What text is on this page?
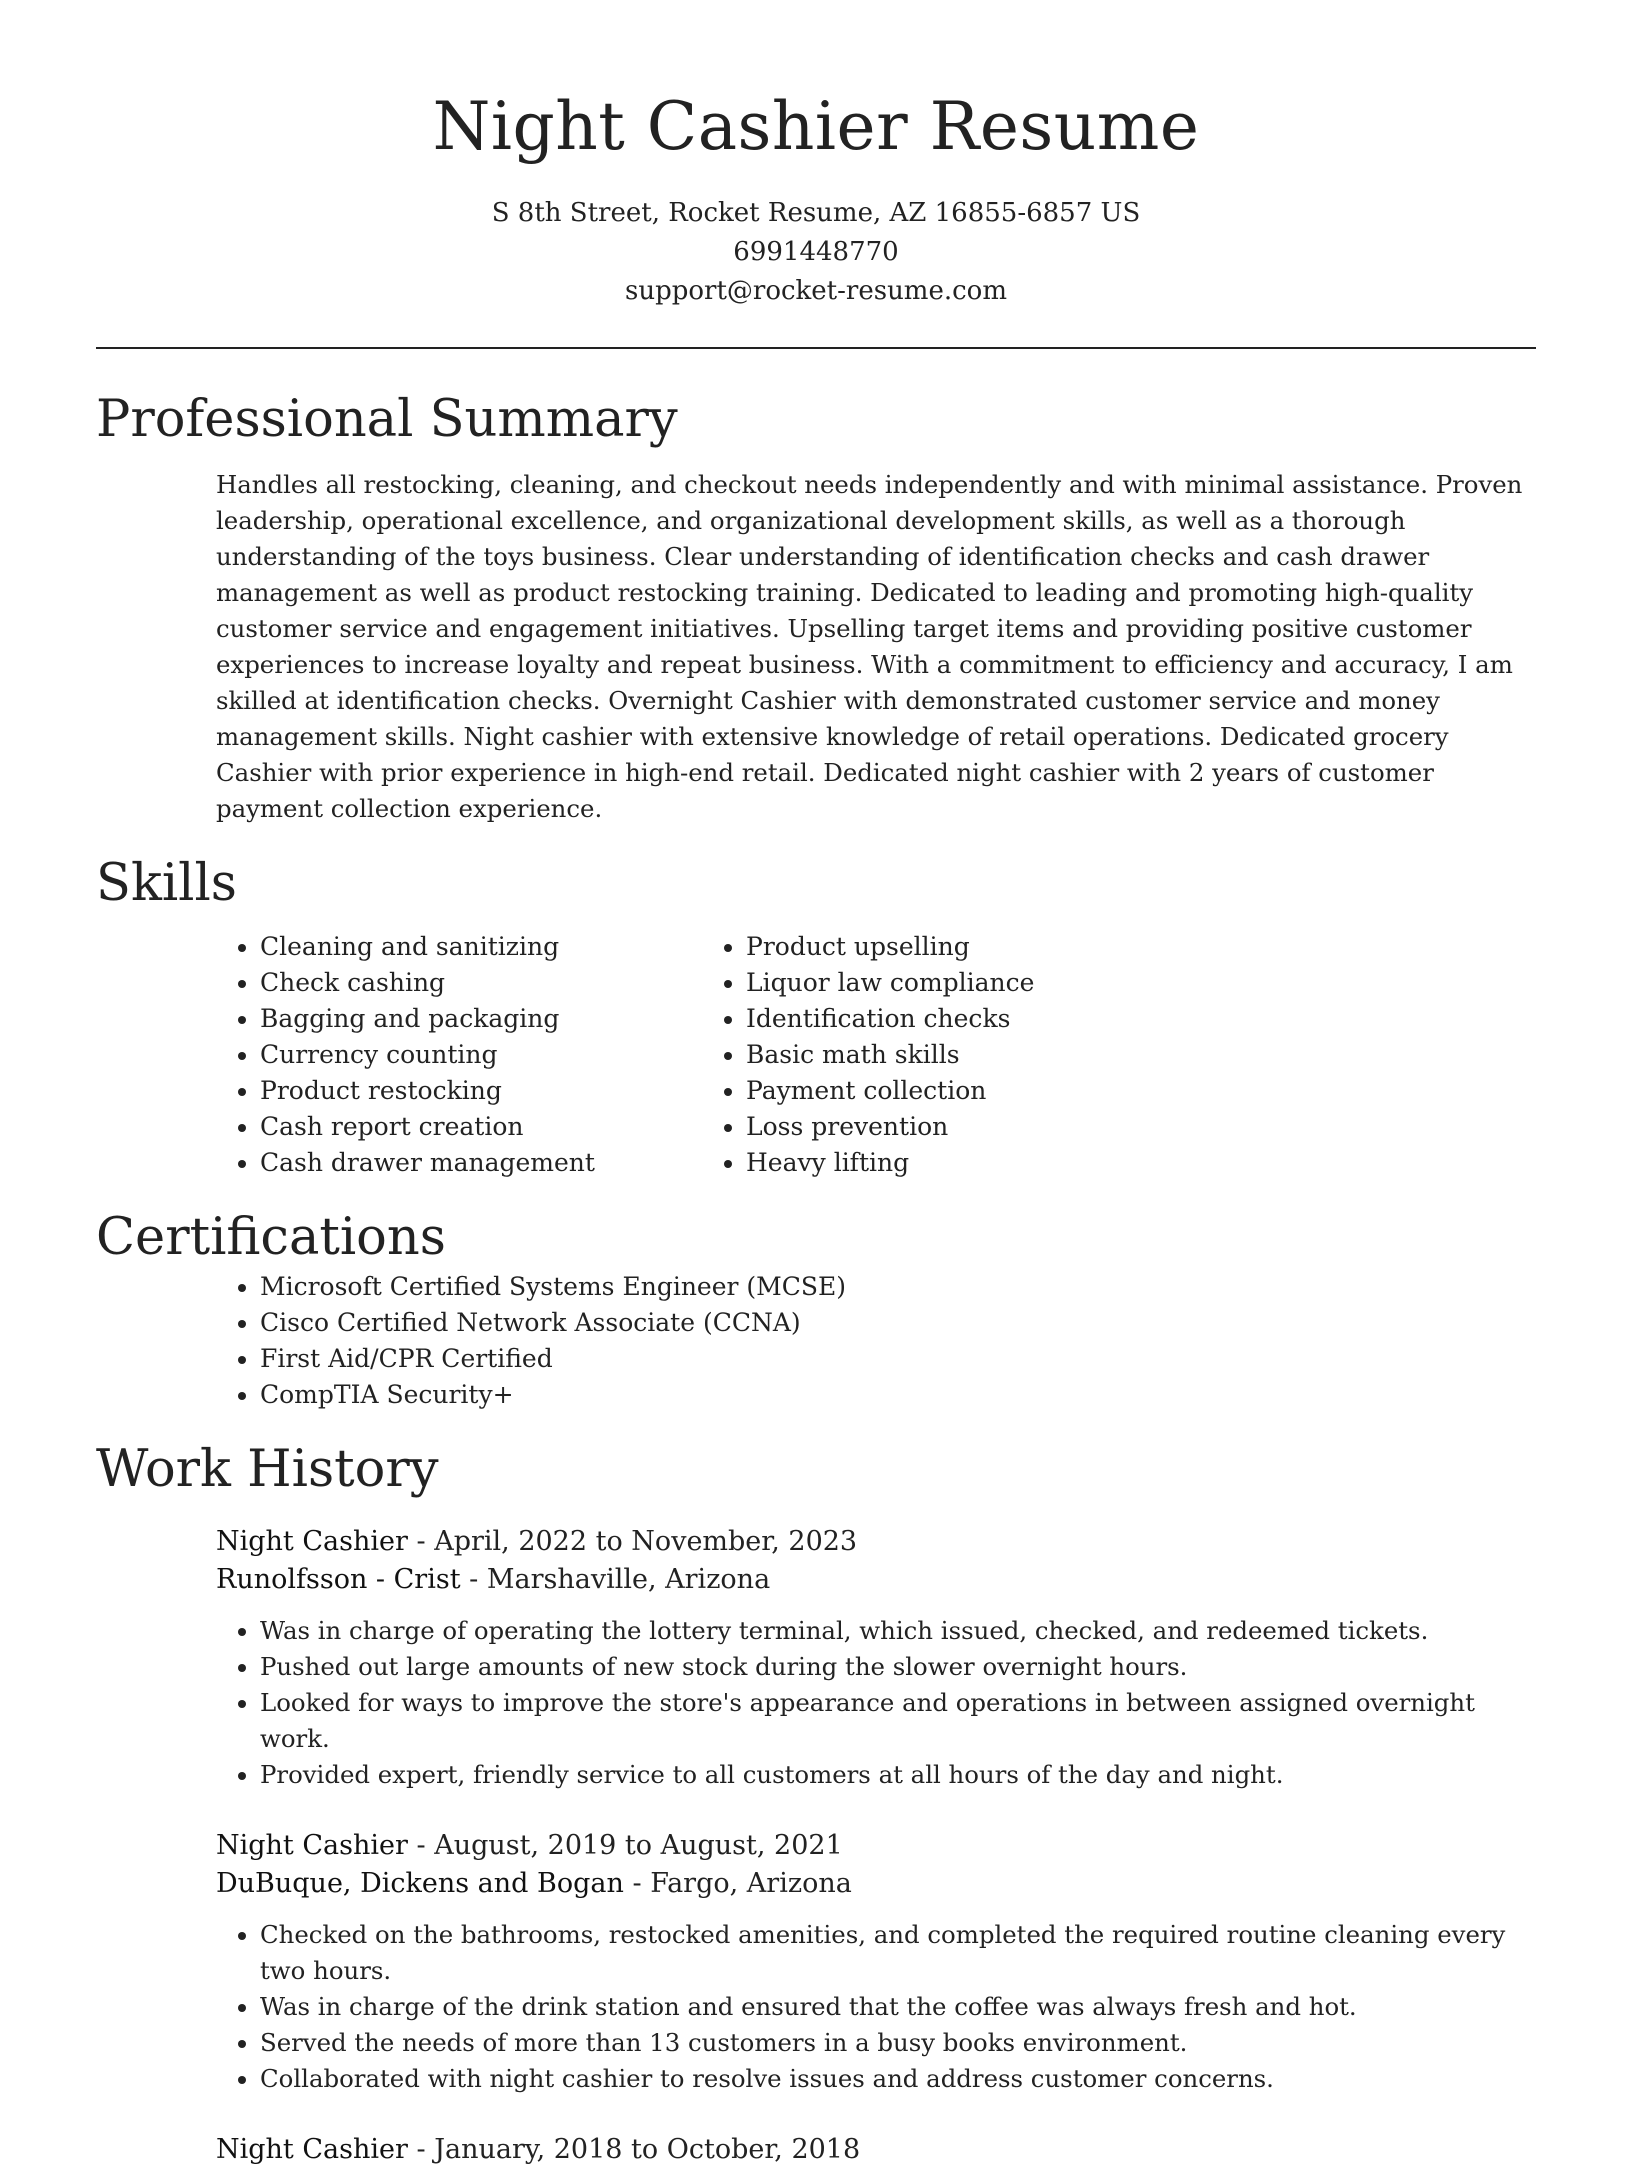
Night Cashier Resume
S 8th Street, Rocket Resume, AZ 16855-6857 US
6991448770
support@rocket-resume.com
Professional Summary

Handles all restocking, cleaning, and checkout needs independently and with minimal assistance. Proven leadership, operational excellence, and organizational development skills, as well as a thorough understanding of the toys business. Clear understanding of identification checks and cash drawer management as well as product restocking training. Dedicated to leading and promoting high-quality customer service and engagement initiatives. Upselling target items and providing positive customer experiences to increase loyalty and repeat business. With a commitment to efficiency and accuracy, I am skilled at identification checks. Overnight Cashier with demonstrated customer service and money management skills. Night cashier with extensive knowledge of retail operations. Dedicated grocery Cashier with prior experience in high-end retail. Dedicated night cashier with 2 years of customer payment collection experience.

Skills
• Cleaning and sanitizing
• Check cashing
• Bagging and packaging
• Currency counting
• Product restocking
• Cash report creation
• Cash drawer management
• Product upselling
• Liquor law compliance
• Identification checks
• Basic math skills
• Payment collection
• Loss prevention
• Heavy lifting
Certifications
• Microsoft Certified Systems Engineer (MCSE)
• Cisco Certified Network Associate (CCNA)
• First Aid/CPR Certified
• CompTIA Security+
Work History
Night Cashier - April, 2022 to November, 2023
Runolfsson - Crist - Marshaville, Arizona
• Was in charge of operating the lottery terminal, which issued, checked, and redeemed tickets.
• Pushed out large amounts of new stock during the slower overnight hours.
• Looked for ways to improve the store's appearance and operations in between assigned overnight work.
• Provided expert, friendly service to all customers at all hours of the day and night.
Night Cashier - August, 2019 to August, 2021
DuBuque, Dickens and Bogan - Fargo, Arizona
• Checked on the bathrooms, restocked amenities, and completed the required routine cleaning every two hours.
• Was in charge of the drink station and ensured that the coffee was always fresh and hot.
• Served the needs of more than 13 customers in a busy books environment.
• Collaborated with night cashier to resolve issues and address customer concerns.
Night Cashier - January, 2018 to October, 2018
